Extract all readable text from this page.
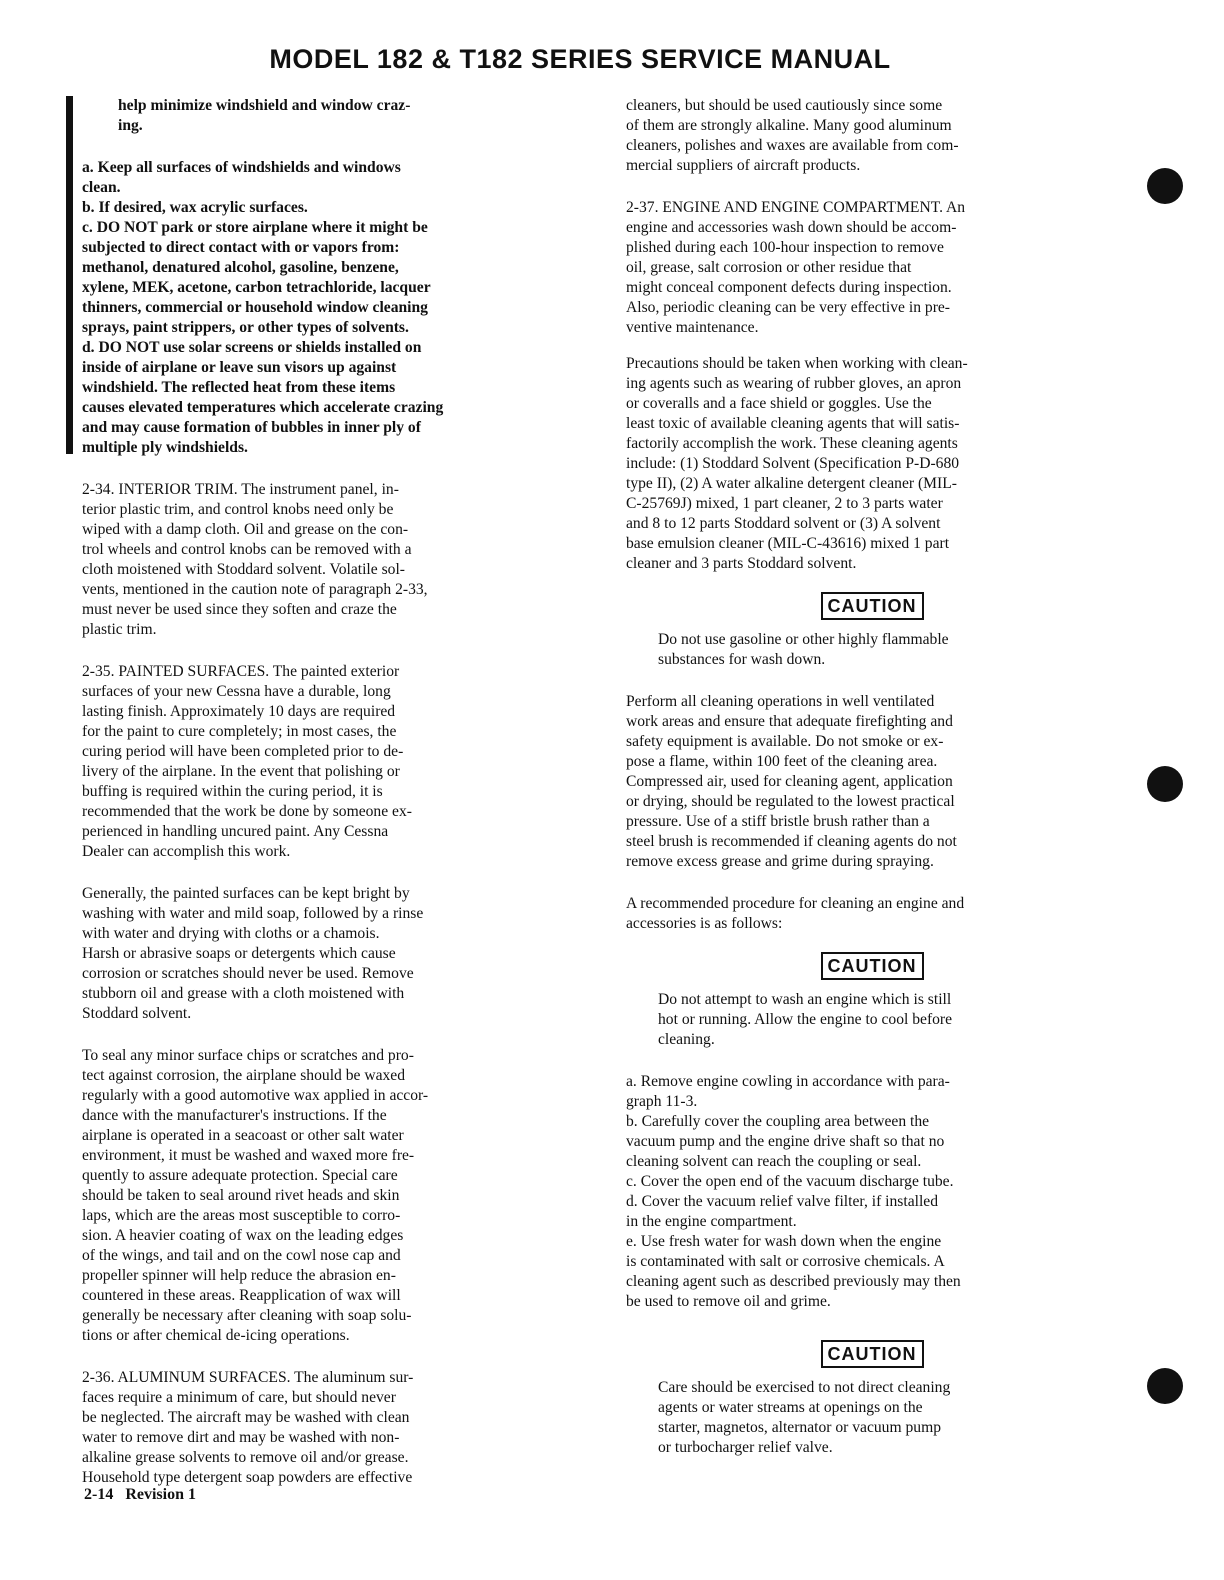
MODEL 182 & T182 SERIES SERVICE MANUAL

help minimize windshield and window craz-
ing.

a. Keep all surfaces of windshields and windows
clean.

b. If desired, wax acrylic surfaces.

c. DO NOT park or store airplane where it might be
subjected to direct contact with or vapors from:
methanol, denatured alcohol, gasoline, benzene,
xylene, MEK, acetone, carbon tetrachloride, lacquer
thinners, commercial or household window cleaning
sprays, paint strippers, or other types of solvents.

d. DO NOT use solar screens or shields installed on
inside of airplane or leave sun visors up against
windshield. The reflected heat from these items
causes elevated temperatures which accelerate crazing
and may cause formation of bubbles in inner ply of
multiple ply windshields.

2-34. INTERIOR TRIM. The instrument panel, in-
terior plastic trim, and control knobs need only be
wiped with a damp cloth. Oil and grease on the con-
trol wheels and control knobs can be removed with a
cloth moistened with Stoddard solvent. Volatile sol-
vents, mentioned in the caution note of paragraph 2-33,
must never be used since they soften and craze the
plastic trim.

2-35. PAINTED SURFACES. The painted exterior
surfaces of your new Cessna have a durable, long
lasting finish. Approximately 10 days are required
for the paint to cure completely; in most cases, the
curing period will have been completed prior to de-
livery of the airplane. In the event that polishing or
buffing is required within the curing period, it is
recommended that the work be done by someone ex-
perienced in handling uncured paint. Any Cessna
Dealer can accomplish this work.

Generally, the painted surfaces can be kept bright by
washing with water and mild soap, followed by a rinse
with water and drying with cloths or a chamois.
Harsh or abrasive soaps or detergents which cause
corrosion or scratches should never be used. Remove
stubborn oil and grease with a cloth moistened with
Stoddard solvent.

To seal any minor surface chips or scratches and pro-
tect against corrosion, the airplane should be waxed
regularly with a good automotive wax applied in accor-
dance with the manufacturer's instructions. If the
airplane is operated in a seacoast or other salt water
environment, it must be washed and waxed more fre-
quently to assure adequate protection. Special care
should be taken to seal around rivet heads and skin
laps, which are the areas most susceptible to corro-
sion. A heavier coating of wax on the leading edges
of the wings, and tail and on the cowl nose cap and
propeller spinner will help reduce the abrasion en-
countered in these areas. Reapplication of wax will
generally be necessary after cleaning with soap solu-
tions or after chemical de-icing operations.

2-36. ALUMINUM SURFACES. The aluminum sur-
faces require a minimum of care, but should never
be neglected. The aircraft may be washed with clean
water to remove dirt and may be washed with non-
alkaline grease solvents to remove oil and/or grease.
Household type detergent soap powders are effective

cleaners, but should be used cautiously since some
of them are strongly alkaline. Many good aluminum
cleaners, polishes and waxes are available from com-
mercial suppliers of aircraft products.

2-37. ENGINE AND ENGINE COMPARTMENT. An
engine and accessories wash down should be accom-
plished during each 100-hour inspection to remove
oil, grease, salt corrosion or other residue that
might conceal component defects during inspection.
Also, periodic cleaning can be very effective in pre-
ventive maintenance.

Precautions should be taken when working with clean-
ing agents such as wearing of rubber gloves, an apron
or coveralls and a face shield or goggles. Use the
least toxic of available cleaning agents that will satis-
factorily accomplish the work. These cleaning agents
include: (1) Stoddard Solvent (Specification P-D-680
type II), (2) A water alkaline detergent cleaner (MIL-
C-25769J) mixed, 1 part cleaner, 2 to 3 parts water
and 8 to 12 parts Stoddard solvent or (3) A solvent
base emulsion cleaner (MIL-C-43616) mixed 1 part
cleaner and 3 parts Stoddard solvent.

CAUTION

Do not use gasoline or other highly flammable
substances for wash down.

Perform all cleaning operations in well ventilated
work areas and ensure that adequate firefighting and
safety equipment is available. Do not smoke or ex-
pose a flame, within 100 feet of the cleaning area.
Compressed air, used for cleaning agent, application
or drying, should be regulated to the lowest practical
pressure. Use of a stiff bristle brush rather than a
steel brush is recommended if cleaning agents do not
remove excess grease and grime during spraying.

A recommended procedure for cleaning an engine and
accessories is as follows:

CAUTION

Do not attempt to wash an engine which is still
hot or running. Allow the engine to cool before
cleaning.

a. Remove engine cowling in accordance with para-
graph 11-3.

b. Carefully cover the coupling area between the
vacuum pump and the engine drive shaft so that no
cleaning solvent can reach the coupling or seal.

c. Cover the open end of the vacuum discharge tube.

d. Cover the vacuum relief valve filter, if installed
in the engine compartment.

e. Use fresh water for wash down when the engine
is contaminated with salt or corrosive chemicals. A
cleaning agent such as described previously may then
be used to remove oil and grime.

CAUTION

Care should be exercised to not direct cleaning
agents or water streams at openings on the
starter, magnetos, alternator or vacuum pump
or turbocharger relief valve.

2-14 Revision 1
